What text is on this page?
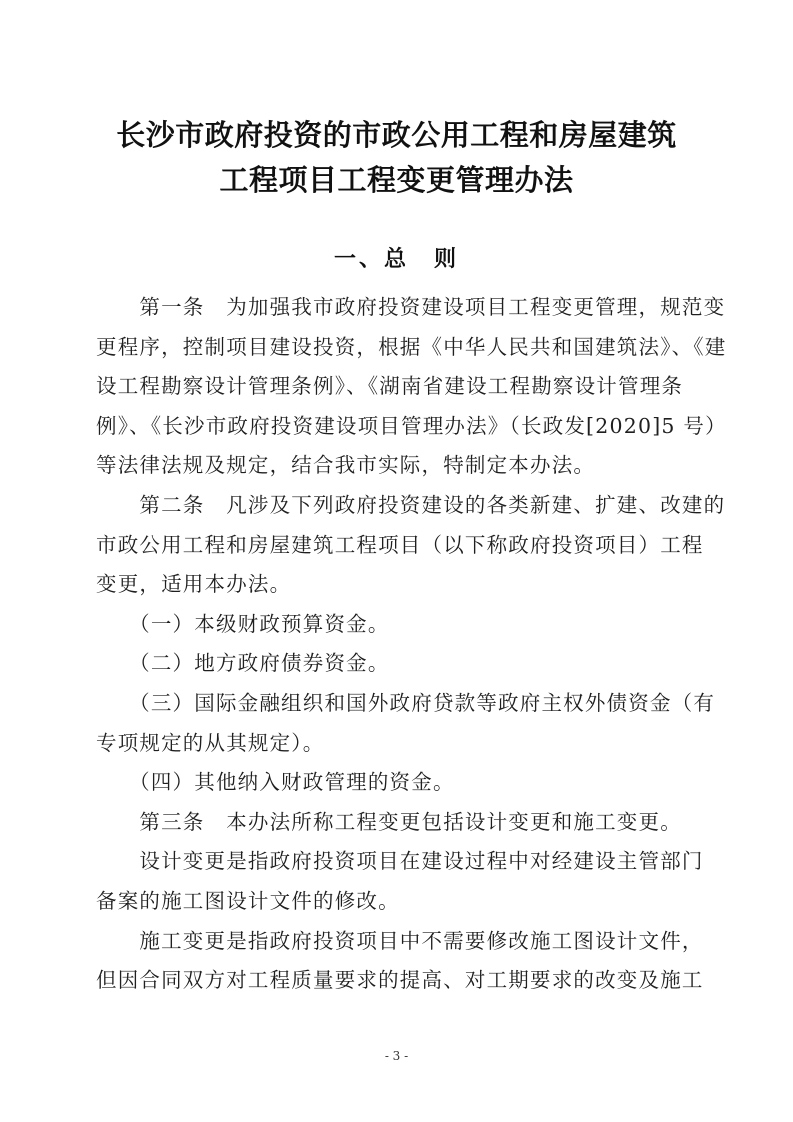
长沙市政府投资的市政公用工程和房屋建筑
工程项目工程变更管理办法
一、总　则
　　第一条　为加强我市政府投资建设项目工程变更管理，规范变
更程序，控制项目建设投资，根据《中华人民共和国建筑法》、《建
设工程勘察设计管理条例》、《湖南省建设工程勘察设计管理条
例》、《长沙市政府投资建设项目管理办法》（长政发[2020]5 号）
等法律法规及规定，结合我市实际，特制定本办法。
　　第二条　凡涉及下列政府投资建设的各类新建、扩建、改建的
市政公用工程和房屋建筑工程项目（以下称政府投资项目）工程
变更，适用本办法。
　　（一）本级财政预算资金。
　　（二）地方政府债券资金。
　　（三）国际金融组织和国外政府贷款等政府主权外债资金（有
专项规定的从其规定）。
　　（四）其他纳入财政管理的资金。
　　第三条　本办法所称工程变更包括设计变更和施工变更。
　　设计变更是指政府投资项目在建设过程中对经建设主管部门
备案的施工图设计文件的修改。
　　施工变更是指政府投资项目中不需要修改施工图设计文件，
但因合同双方对工程质量要求的提高、对工期要求的改变及施工
- 3 -
